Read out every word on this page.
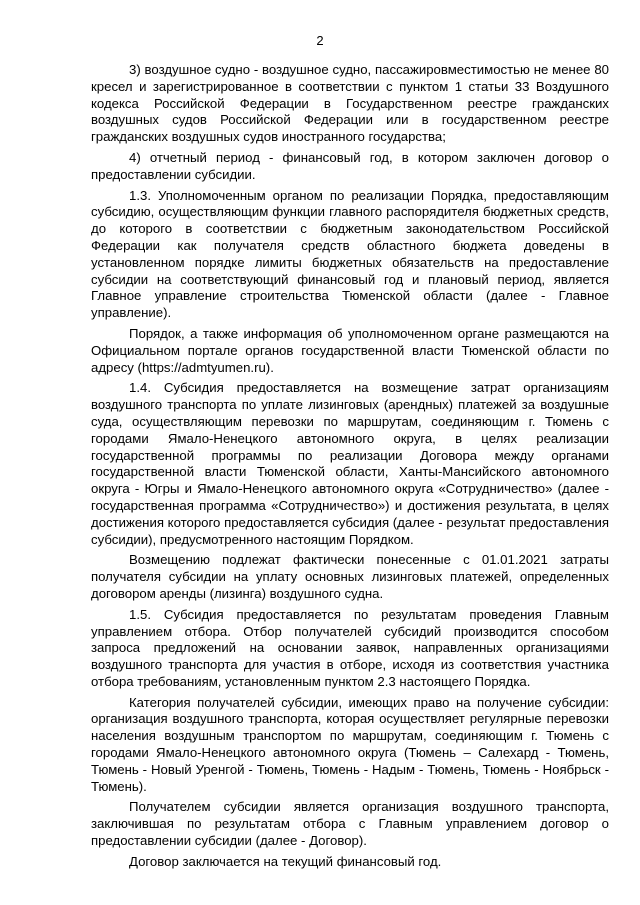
2

3) воздушное судно - воздушное судно, пассажировместимостью не менее 80 кресел и зарегистрированное в соответствии с пунктом 1 статьи 33 Воздушного кодекса Российской Федерации в Государственном реестре гражданских воздушных судов Российской Федерации или в государственном реестре гражданских воздушных судов иностранного государства;

4) отчетный период - финансовый год, в котором заключен договор о предоставлении субсидии.

1.3. Уполномоченным органом по реализации Порядка, предоставляющим субсидию, осуществляющим функции главного распорядителя бюджетных средств, до которого в соответствии с бюджетным законодательством Российской Федерации как получателя средств областного бюджета доведены в установленном порядке лимиты бюджетных обязательств на предоставление субсидии на соответствующий финансовый год и плановый период, является Главное управление строительства Тюменской области (далее - Главное управление).

Порядок, а также информация об уполномоченном органе размещаются на Официальном портале органов государственной власти Тюменской области по адресу (https://admtyumen.ru).

1.4. Субсидия предоставляется на возмещение затрат организациям воздушного транспорта по уплате лизинговых (арендных) платежей за воздушные суда, осуществляющим перевозки по маршрутам, соединяющим г. Тюмень с городами Ямало-Ненецкого автономного округа, в целях реализации государственной программы по реализации Договора между органами государственной власти Тюменской области, Ханты-Мансийского автономного округа - Югры и Ямало-Ненецкого автономного округа «Сотрудничество» (далее - государственная программа «Сотрудничество») и достижения результата, в целях достижения которого предоставляется субсидия (далее - результат предоставления субсидии), предусмотренного настоящим Порядком.

Возмещению подлежат фактически понесенные с 01.01.2021 затраты получателя субсидии на уплату основных лизинговых платежей, определенных договором аренды (лизинга) воздушного судна.

1.5. Субсидия предоставляется по результатам проведения Главным управлением отбора. Отбор получателей субсидий производится способом запроса предложений на основании заявок, направленных организациями воздушного транспорта для участия в отборе, исходя из соответствия участника отбора требованиям, установленным пунктом 2.3 настоящего Порядка.

Категория получателей субсидии, имеющих право на получение субсидии: организация воздушного транспорта, которая осуществляет регулярные перевозки населения воздушным транспортом по маршрутам, соединяющим г. Тюмень с городами Ямало-Ненецкого автономного округа (Тюмень – Салехард - Тюмень, Тюмень - Новый Уренгой - Тюмень, Тюмень - Надым - Тюмень, Тюмень - Ноябрьск - Тюмень).

Получателем субсидии является организация воздушного транспорта, заключившая по результатам отбора с Главным управлением договор о предоставлении субсидии (далее - Договор).

Договор заключается на текущий финансовый год.
